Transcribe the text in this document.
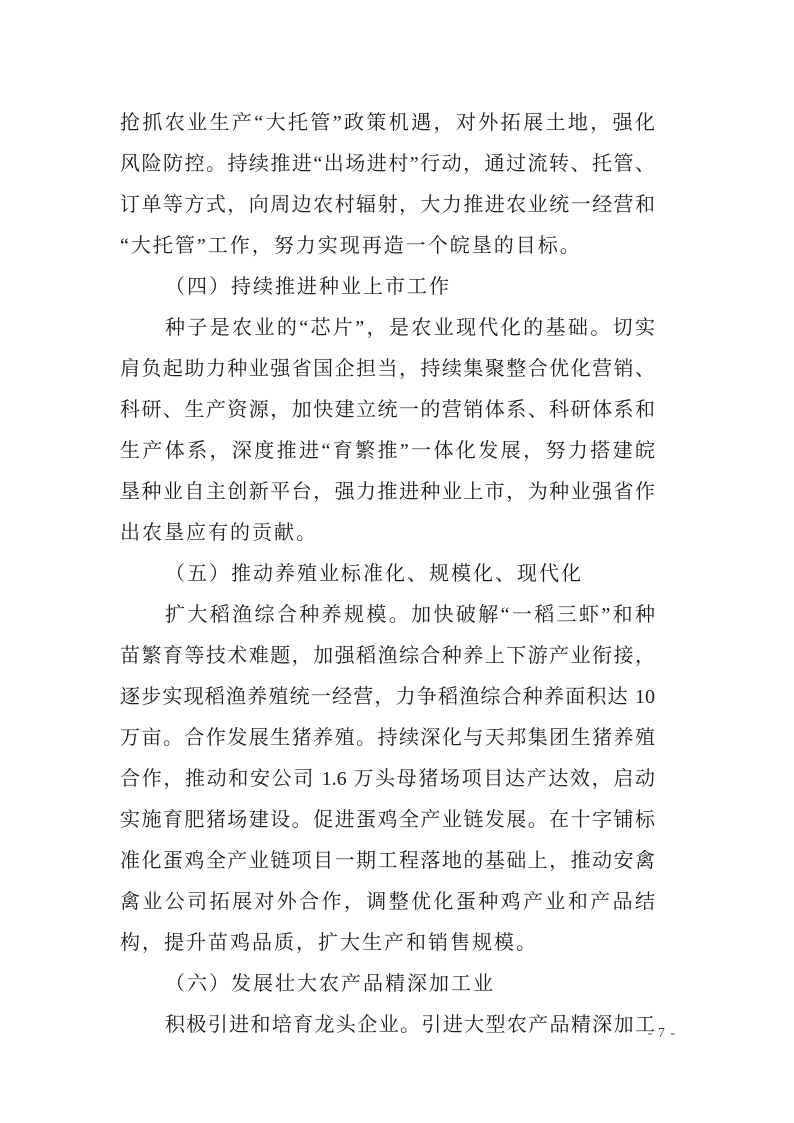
抢抓农业生产“大托管”政策机遇，对外拓展土地，强化
风险防控。持续推进“出场进村”行动，通过流转、托管、
订单等方式，向周边农村辐射，大力推进农业统一经营和
“大托管”工作，努力实现再造一个皖垦的目标。
（四）持续推进种业上市工作
种子是农业的“芯片”，是农业现代化的基础。切实
肩负起助力种业强省国企担当，持续集聚整合优化营销、
科研、生产资源，加快建立统一的营销体系、科研体系和
生产体系，深度推进“育繁推”一体化发展，努力搭建皖
垦种业自主创新平台，强力推进种业上市，为种业强省作
出农垦应有的贡献。
（五）推动养殖业标准化、规模化、现代化
扩大稻渔综合种养规模。加快破解“一稻三虾”和种
苗繁育等技术难题，加强稻渔综合种养上下游产业衔接，
逐步实现稻渔养殖统一经营，力争稻渔综合种养面积达 10
万亩。合作发展生猪养殖。持续深化与天邦集团生猪养殖
合作，推动和安公司 1.6 万头母猪场项目达产达效，启动
实施育肥猪场建设。促进蛋鸡全产业链发展。在十字铺标
准化蛋鸡全产业链项目一期工程落地的基础上，推动安禽
禽业公司拓展对外合作，调整优化蛋种鸡产业和产品结
构，提升苗鸡品质，扩大生产和销售规模。
（六）发展壮大农产品精深加工业
积极引进和培育龙头企业。引进大型农产品精深加工
- 7 -
